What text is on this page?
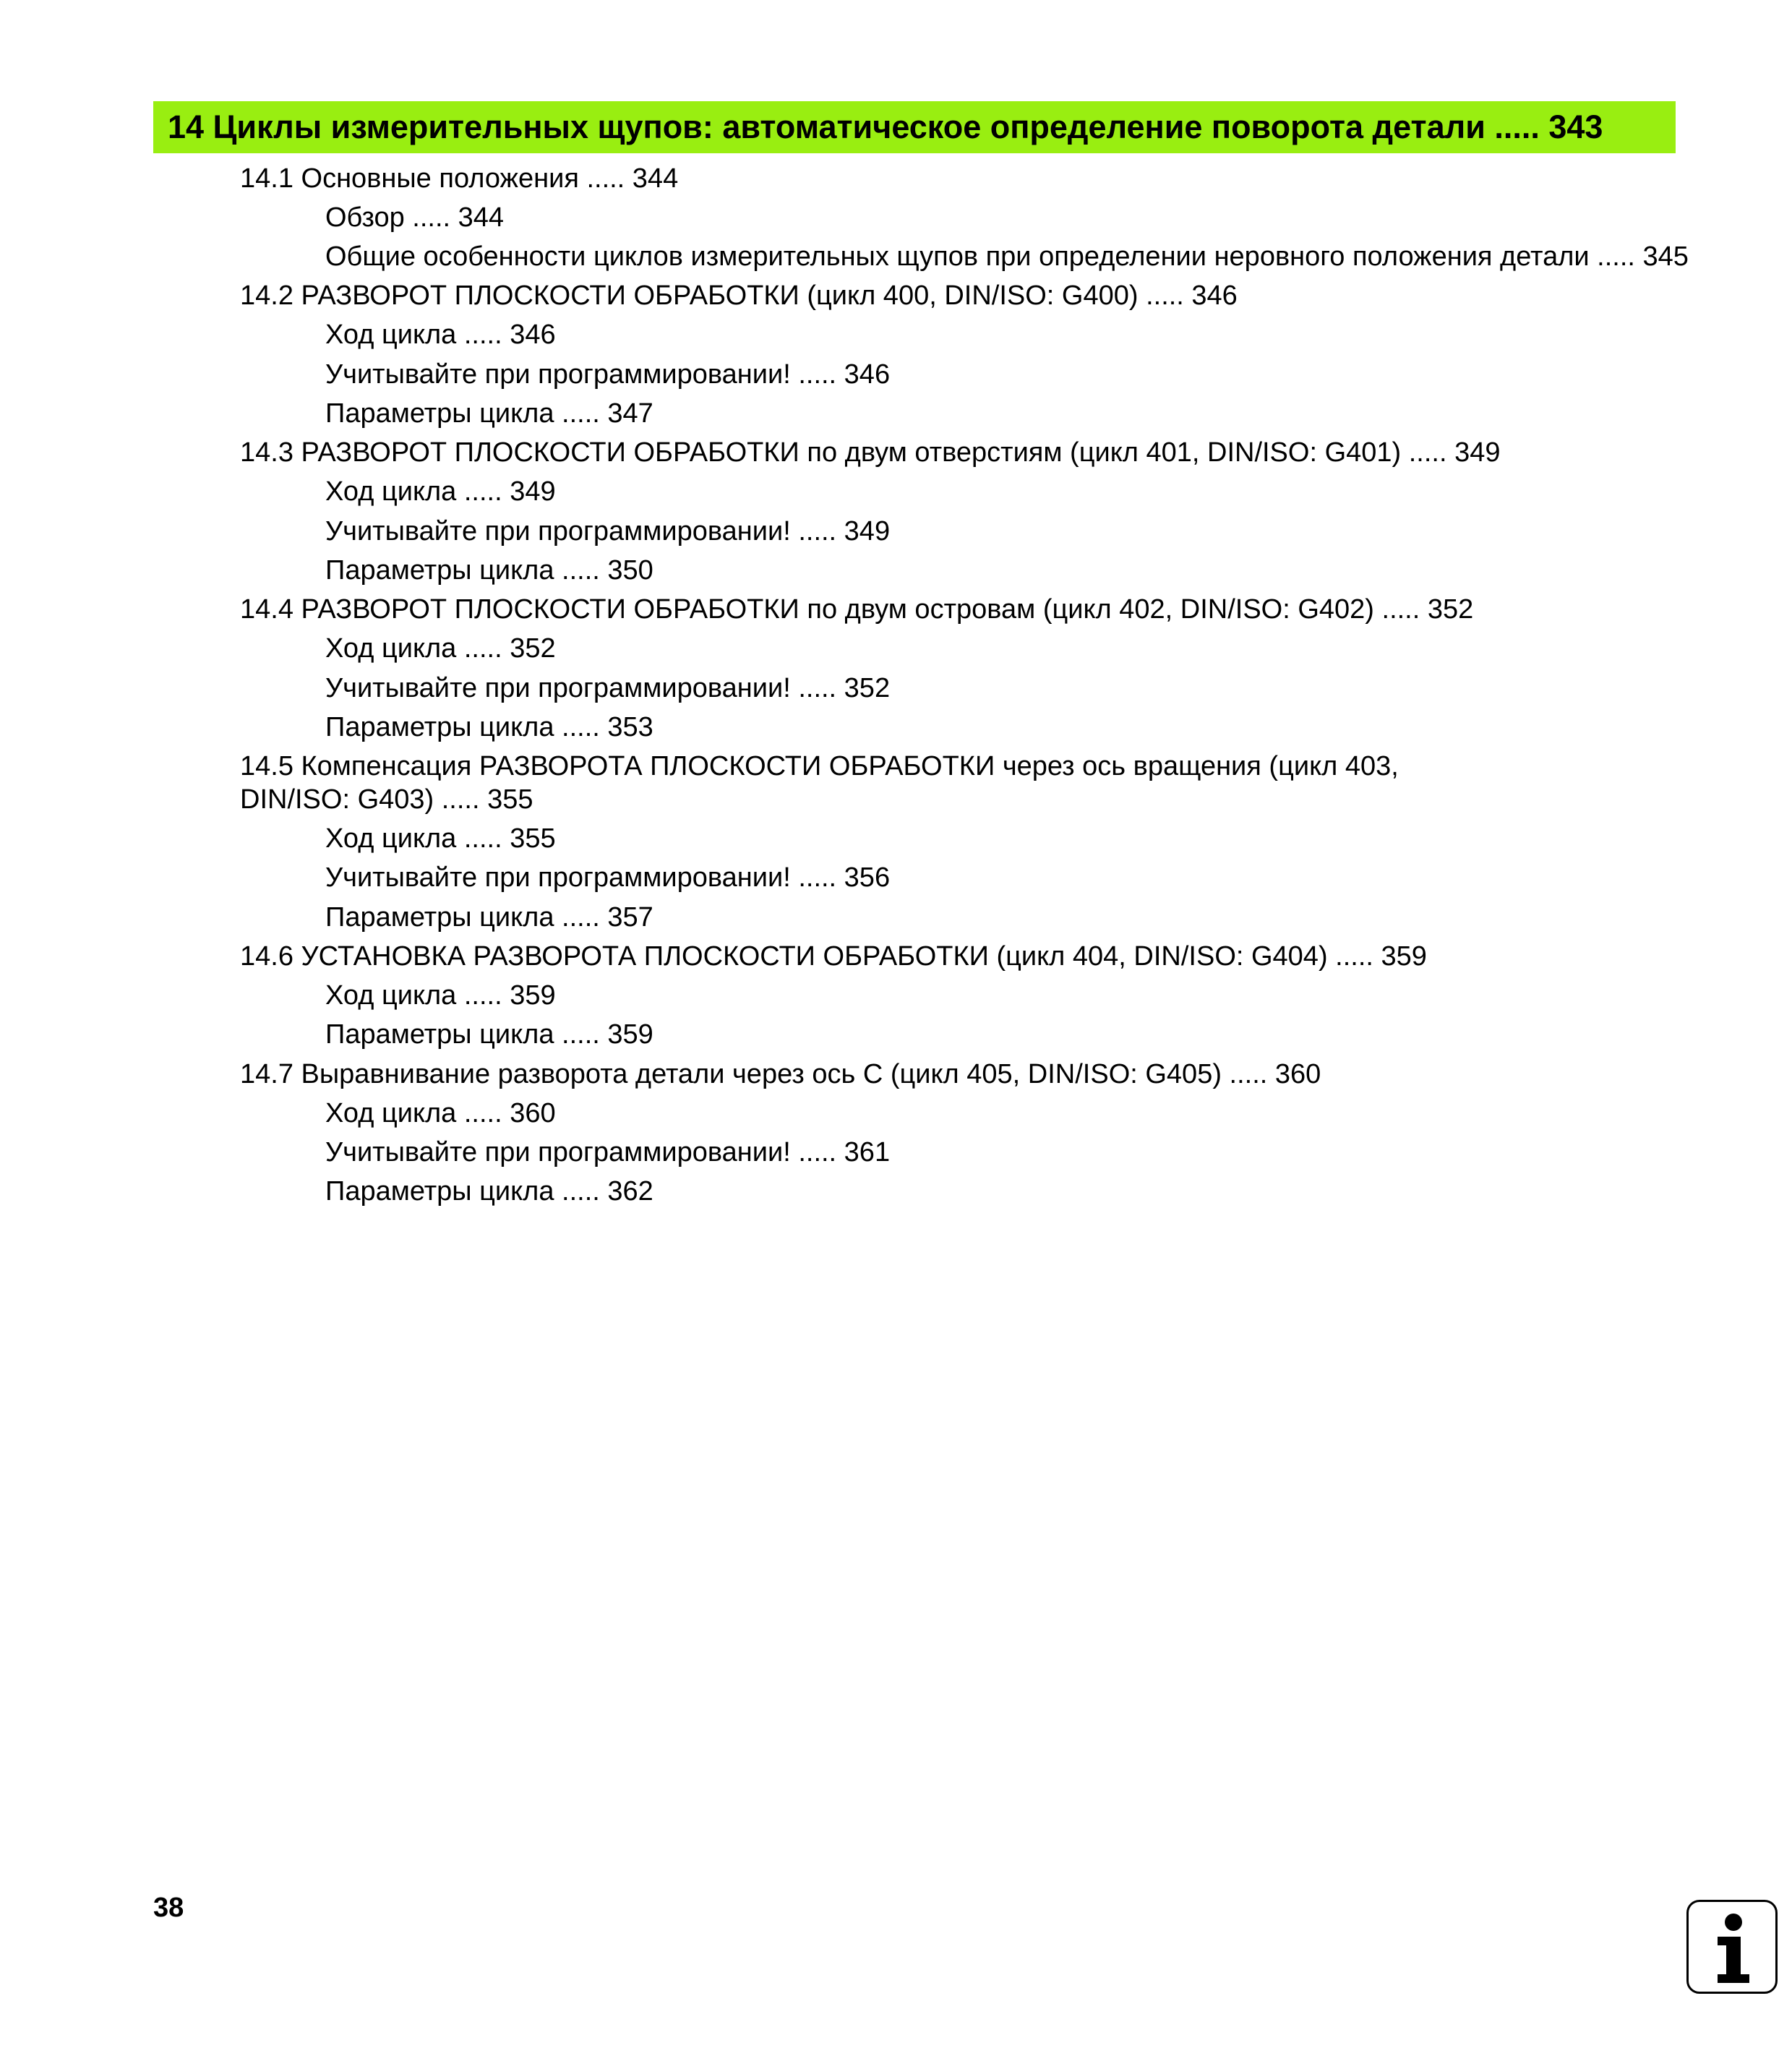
14 Циклы измерительных щупов: автоматическое определение поворота детали ..... 343
14.1 Основные положения ..... 344
Обзор ..... 344
Общие особенности циклов измерительных щупов при определении неровного положения детали ..... 345
14.2 РАЗВОРОТ ПЛОСКОСТИ ОБРАБОТКИ (цикл 400, DIN/ISO: G400) ..... 346
Ход цикла ..... 346
Учитывайте при программировании! ..... 346
Параметры цикла ..... 347
14.3 РАЗВОРОТ ПЛОСКОСТИ ОБРАБОТКИ по двум отверстиям (цикл 401, DIN/ISO: G401) ..... 349
Ход цикла ..... 349
Учитывайте при программировании! ..... 349
Параметры цикла ..... 350
14.4 РАЗВОРОТ ПЛОСКОСТИ ОБРАБОТКИ по двум островам (цикл 402, DIN/ISO: G402) ..... 352
Ход цикла ..... 352
Учитывайте при программировании! ..... 352
Параметры цикла ..... 353
14.5 Компенсация РАЗВОРОТА ПЛОСКОСТИ ОБРАБОТКИ через ось вращения (цикл 403, DIN/ISO: G403) ..... 355
Ход цикла ..... 355
Учитывайте при программировании! ..... 356
Параметры цикла ..... 357
14.6 УСТАНОВКА РАЗВОРОТА ПЛОСКОСТИ ОБРАБОТКИ (цикл 404, DIN/ISO: G404) ..... 359
Ход цикла ..... 359
Параметры цикла ..... 359
14.7 Выравнивание разворота детали через ось C (цикл 405, DIN/ISO: G405) ..... 360
Ход цикла ..... 360
Учитывайте при программировании! ..... 361
Параметры цикла ..... 362
38
